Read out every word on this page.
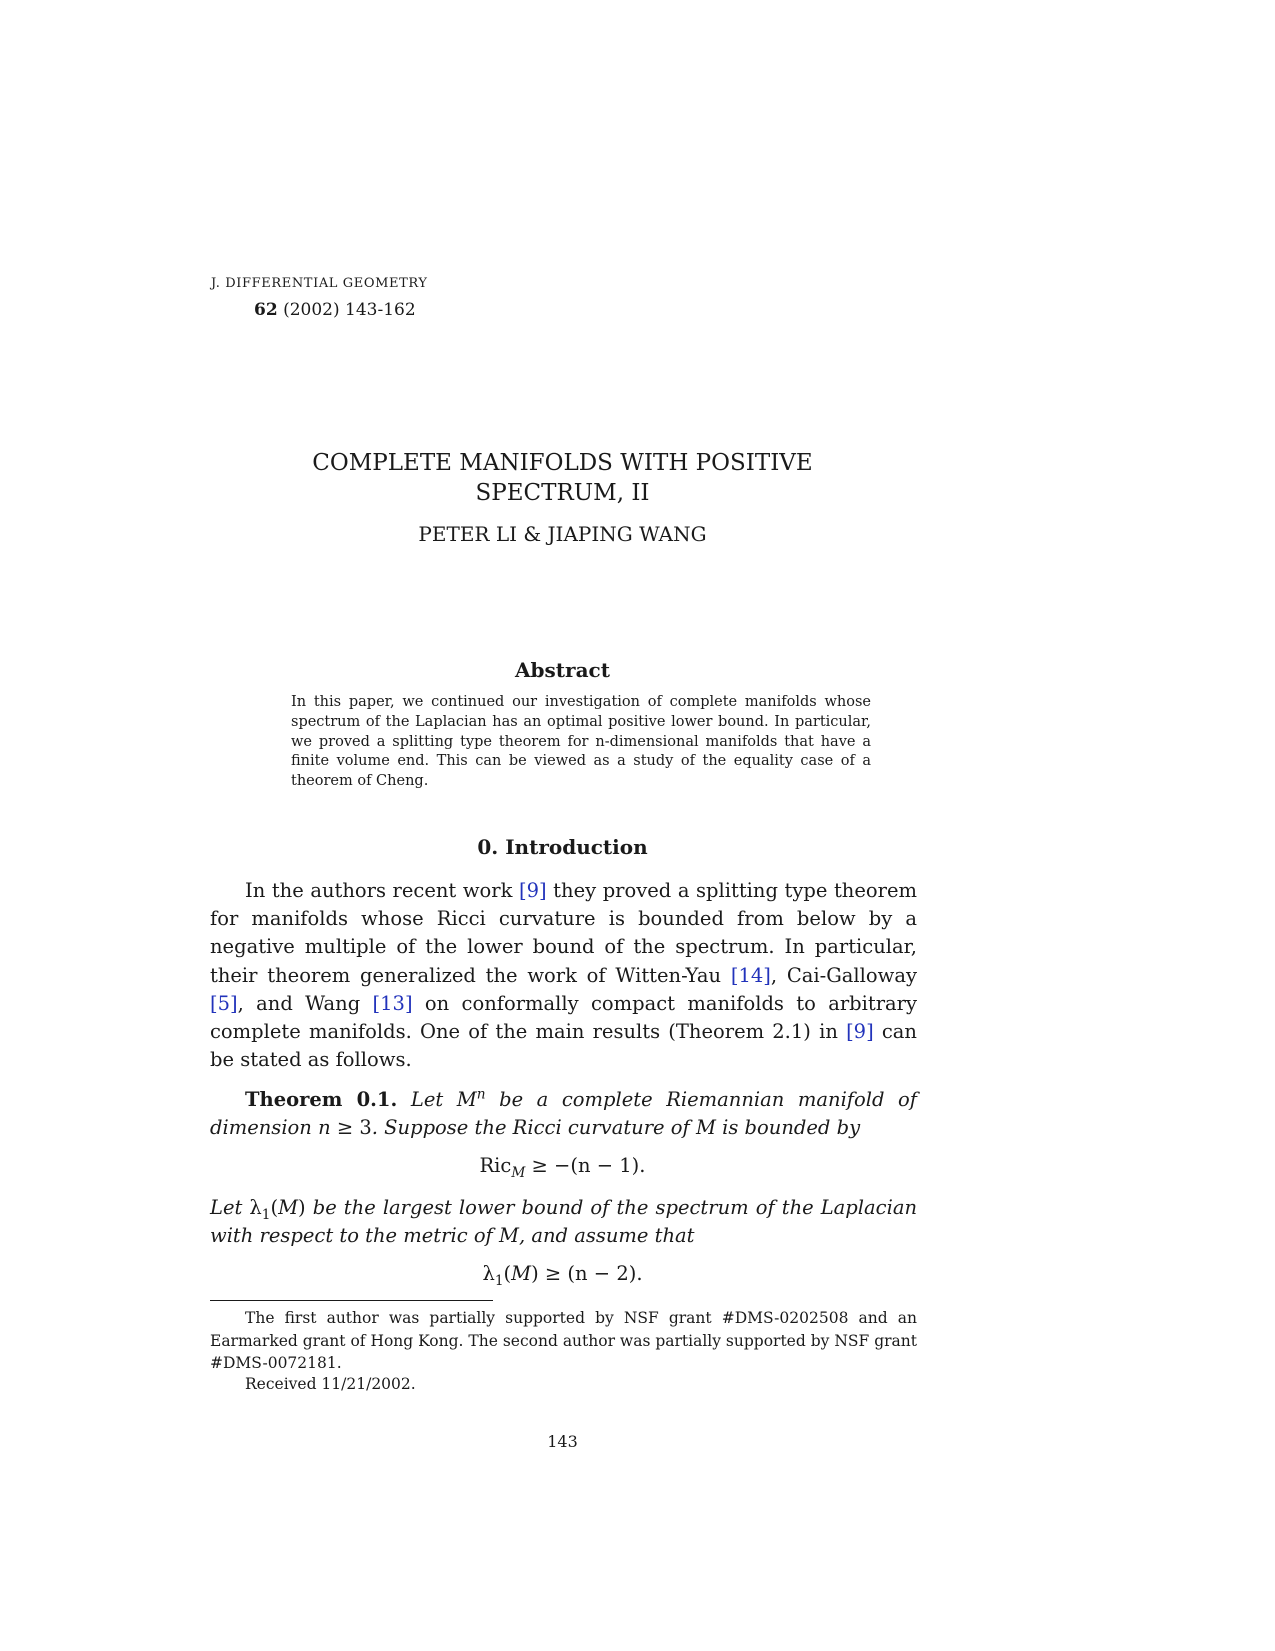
J. DIFFERENTIAL GEOMETRY
62 (2002) 143-162
COMPLETE MANIFOLDS WITH POSITIVE
SPECTRUM, II
PETER LI & JIAPING WANG
Abstract
In this paper, we continued our investigation of complete manifolds whose spectrum of the Laplacian has an optimal positive lower bound. In particular, we proved a splitting type theorem for n-dimensional manifolds that have a finite volume end. This can be viewed as a study of the equality case of a theorem of Cheng.
0. Introduction
In the authors recent work [9] they proved a splitting type theorem for manifolds whose Ricci curvature is bounded from below by a negative multiple of the lower bound of the spectrum. In particular, their theorem generalized the work of Witten-Yau [14], Cai-Galloway [5], and Wang [13] on conformally compact manifolds to arbitrary complete manifolds. One of the main results (Theorem 2.1) in [9] can be stated as follows.
Theorem 0.1. Let $M^n$ be a complete Riemannian manifold of dimension n ≥ 3. Suppose the Ricci curvature of M is bounded by
Ric$_M$ ≥ −(n − 1).
Let $\lambda_1(M)$ be the largest lower bound of the spectrum of the Laplacian with respect to the metric of M, and assume that
$\lambda_1(M) \ge (n - 2)$.
The first author was partially supported by NSF grant #DMS-0202508 and an Earmarked grant of Hong Kong. The second author was partially supported by NSF grant #DMS-0072181.
Received 11/21/2002.
143
